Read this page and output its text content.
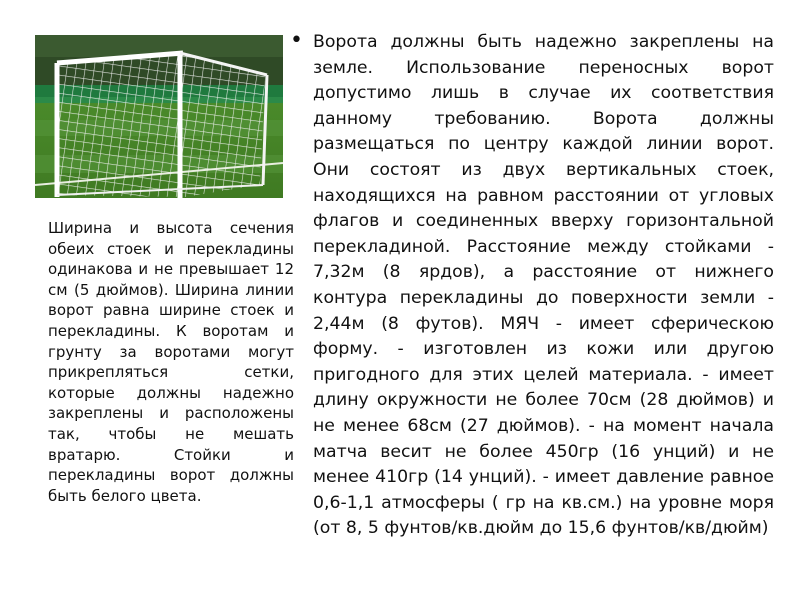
Ширина и высота сечения обеих стоек и перекладины одинакова и не превышает 12 см (5 дюймов). Ширина линии ворот равна ширине стоек и перекладины. К воротам и грунту за воротами могут прикрепляться сетки, которые должны надежно закреплены и расположены так, чтобы не мешать вратарю. Стойки и перекладины ворот должны быть белого цвета.

• Ворота должны быть надежно закреплены на земле. Использование переносных ворот допустимо лишь в случае их соответствия данному требованию. Ворота должны размещаться по центру каждой линии ворот. Они состоят из двух вертикальных стоек, находящихся на равном расстоянии от угловых флагов и соединенных вверху горизонтальной перекладиной. Расстояние между стойками - 7,32м (8 ярдов), а расстояние от нижнего контура перекладины до поверхности земли - 2,44м (8 футов). МЯЧ - имеет сферическою форму. - изготовлен из кожи или другою пригодного для этих целей материала. - имеет длину окружности не более 70см (28 дюймов) и не менее 68см (27 дюймов). - на момент начала матча весит не более 450гр (16 унций) и не менее 410гр (14 унций). - имеет давление равное 0,6-1,1 атмосферы ( гр на кв.см.) на уровне моря (от 8, 5 фунтов/кв.дюйм до 15,6 фунтов/кв/дюйм)
